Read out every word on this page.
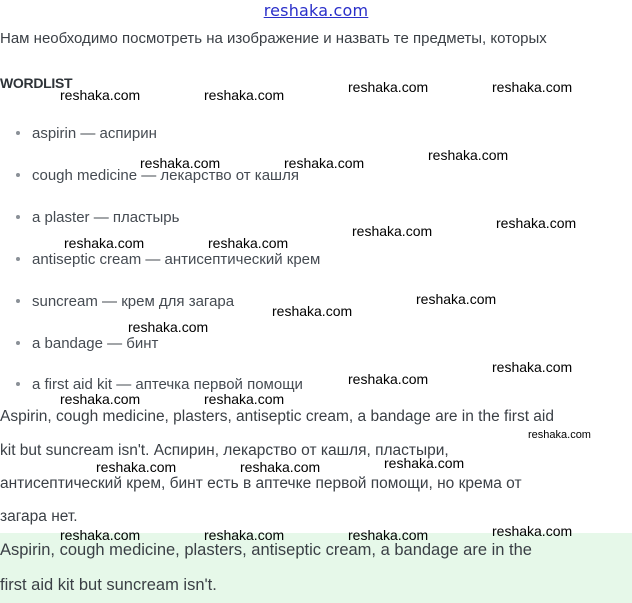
reshaka.com
Нам необходимо посмотреть на изображение и назвать те предметы, которых
WORDLIST
aspirin — аспирин
cough medicine — лекарство от кашля
a plaster — пластырь
antiseptic cream — антисептический крем
suncream — крем для загара
a bandage — бинт
a first aid kit — аптечка первой помощи
Aspirin, cough medicine, plasters, antiseptic cream, a bandage are in the first aid
kit but suncream isn't. Аспирин, лекарство от кашля, пластыри,
антисептический крем, бинт есть в аптечке первой помощи, но крема от
загара нет.
Aspirin, cough medicine, plasters, antiseptic cream, a bandage are in the
first aid kit but suncream isn't.
reshaka.com	reshaka.com	reshaka.com	reshaka.com
reshaka.com	reshaka.com	reshaka.com
reshaka.com
reshaka.com
reshaka.com	reshaka.com
reshaka.com
reshaka.com
reshaka.com
reshaka.com
reshaka.com
reshaka.com	reshaka.com
reshaka.com
reshaka.com
reshaka.com	reshaka.com
reshaka.com
reshaka.com	reshaka.com	reshaka.com
